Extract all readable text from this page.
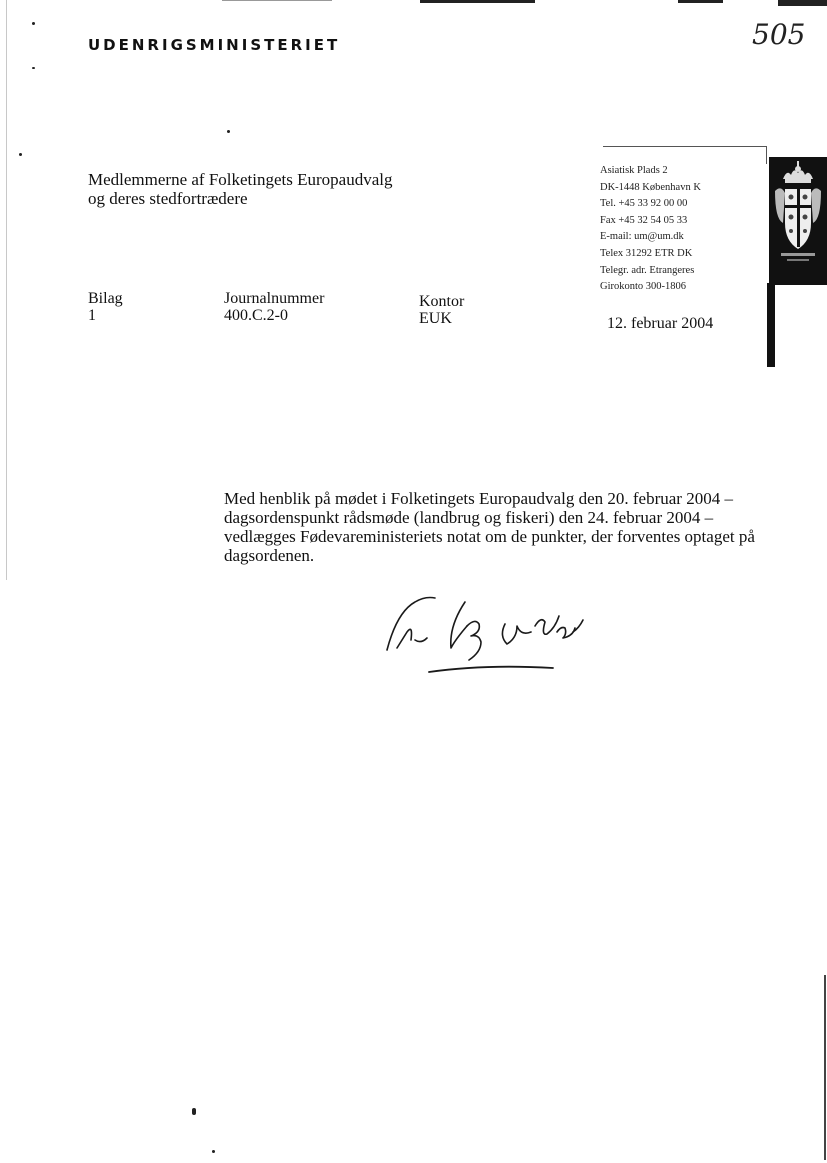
UDENRIGSMINISTERIET	505
Medlemmerne af Folketingets Europaudvalg
og deres stedfortrædere
Asiatisk Plads 2
DK-1448 København K
Tel. +45 33 92 00 00
Fax +45 32 54 05 33
E-mail: um@um.dk
Telex 31292 ETR DK
Telegr. adr. Etrangeres
Girokonto 300-1806
Bilag
1
Journalnummer
400.C.2-0
Kontor
EUK	12. februar 2004
Med henblik på mødet i Folketingets Europaudvalg den 20. februar 2004 – dagsordenspunkt rådsmøde (landbrug og fiskeri) den 24. februar 2004 – vedlægges Fødevareministeriets notat om de punkter, der forventes optaget på dagsordenen.
